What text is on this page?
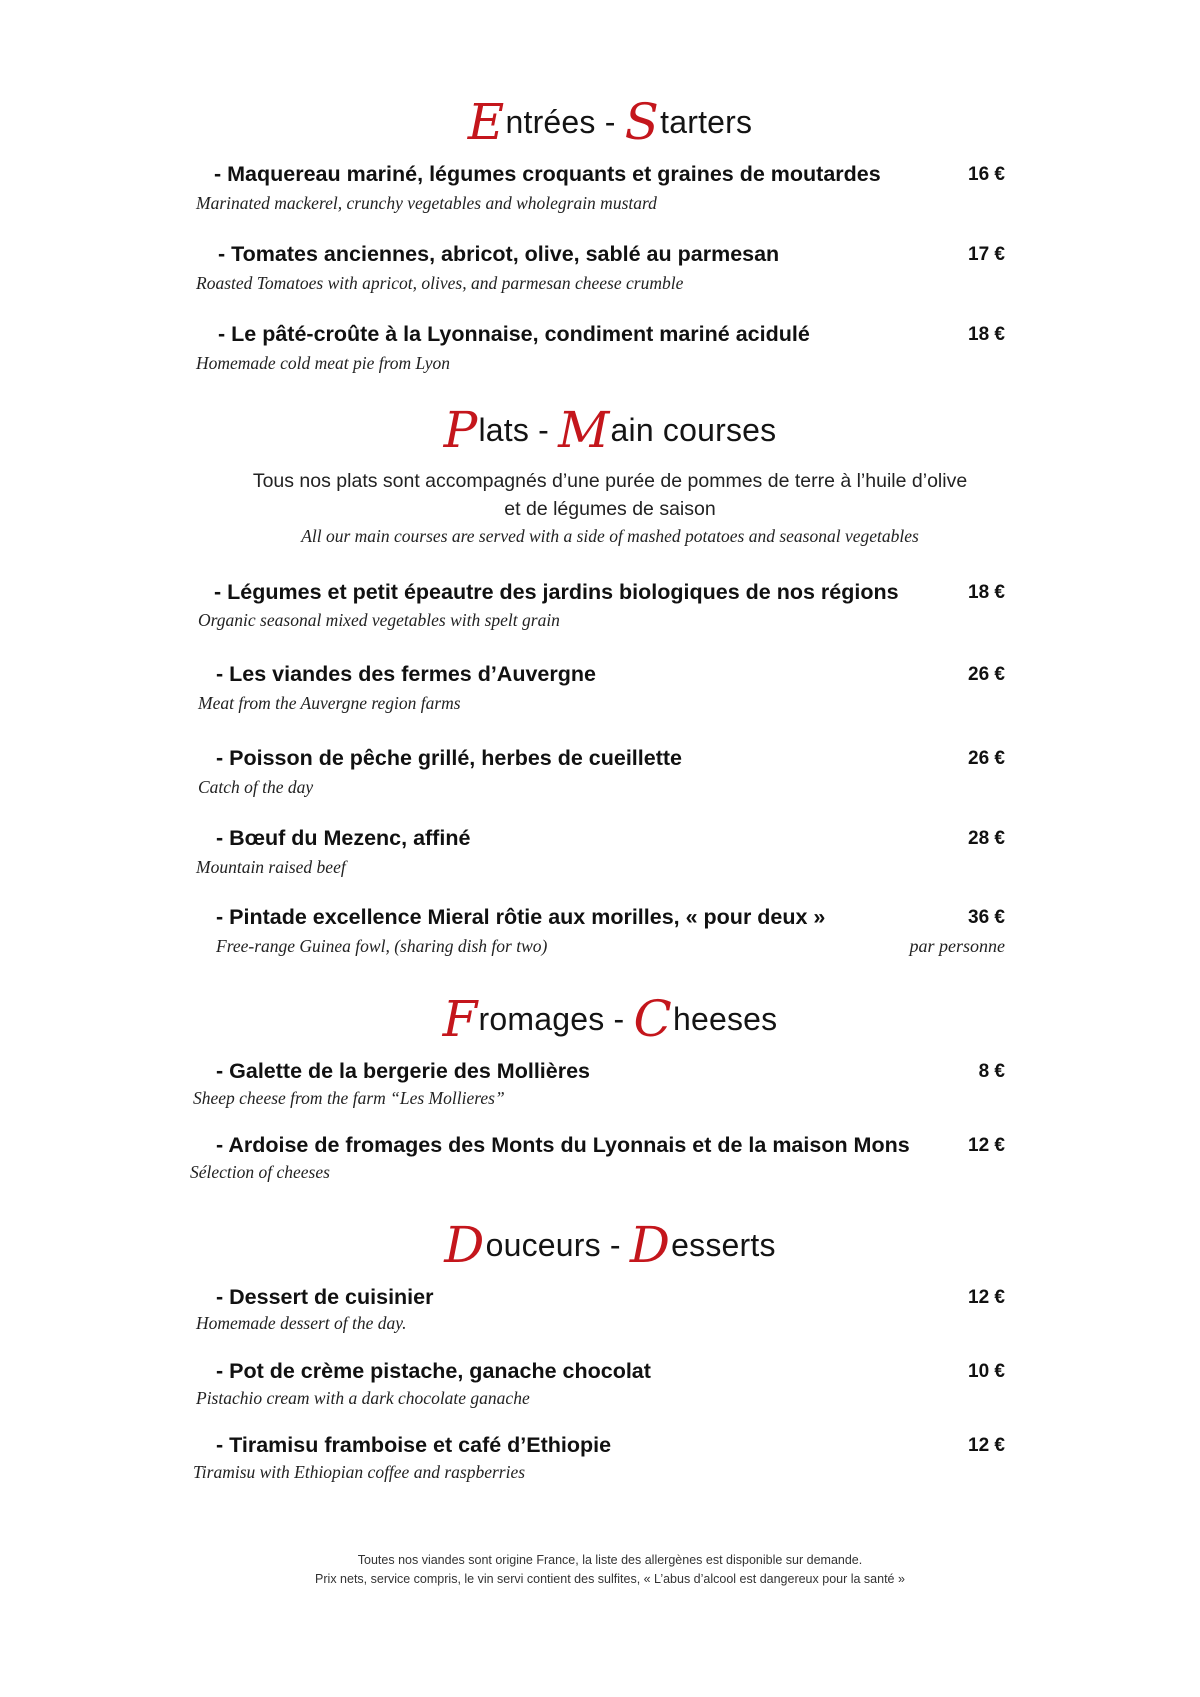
Entrées - Starters
- Maquereau mariné, légumes croquants et graines de moutardes	16 €
Marinated mackerel, crunchy vegetables and wholegrain mustard
- Tomates anciennes, abricot, olive, sablé au parmesan	17 €
Roasted Tomatoes with apricot, olives, and parmesan cheese crumble
- Le pâté-croûte à la Lyonnaise, condiment mariné acidulé	18 €
Homemade cold meat pie from Lyon
Plats - Main courses
Tous nos plats sont accompagnés d’une purée de pommes de terre à l’huile d’olive
et de légumes de saison
All our main courses are served with a side of mashed potatoes and seasonal vegetables
- Légumes et petit épeautre des jardins biologiques de nos régions	18 €
Organic seasonal mixed vegetables with spelt grain
- Les viandes des fermes d’Auvergne	26 €
Meat from the Auvergne region farms
- Poisson de pêche grillé, herbes de cueillette	26 €
Catch of the day
- Bœuf du Mezenc, affiné	28 €
Mountain raised beef
- Pintade excellence Mieral rôtie aux morilles, « pour deux »	36 €
Free-range Guinea fowl, (sharing dish for two)	par personne
Fromages - Cheeses
- Galette de la bergerie des Mollières	8 €
Sheep cheese from the farm “Les Mollieres”
- Ardoise de fromages des Monts du Lyonnais et de la maison Mons	12 €
Sélection of cheeses
Douceurs - Desserts
- Dessert de cuisinier	12 €
Homemade dessert of the day.
- Pot de crème pistache, ganache chocolat	10 €
Pistachio cream with a dark chocolate ganache
- Tiramisu framboise et café d’Ethiopie	12 €
Tiramisu with Ethiopian coffee and raspberries
Toutes nos viandes sont origine France, la liste des allergènes est disponible sur demande.
Prix nets, service compris, le vin servi contient des sulfites, « L’abus d’alcool est dangereux pour la santé »
